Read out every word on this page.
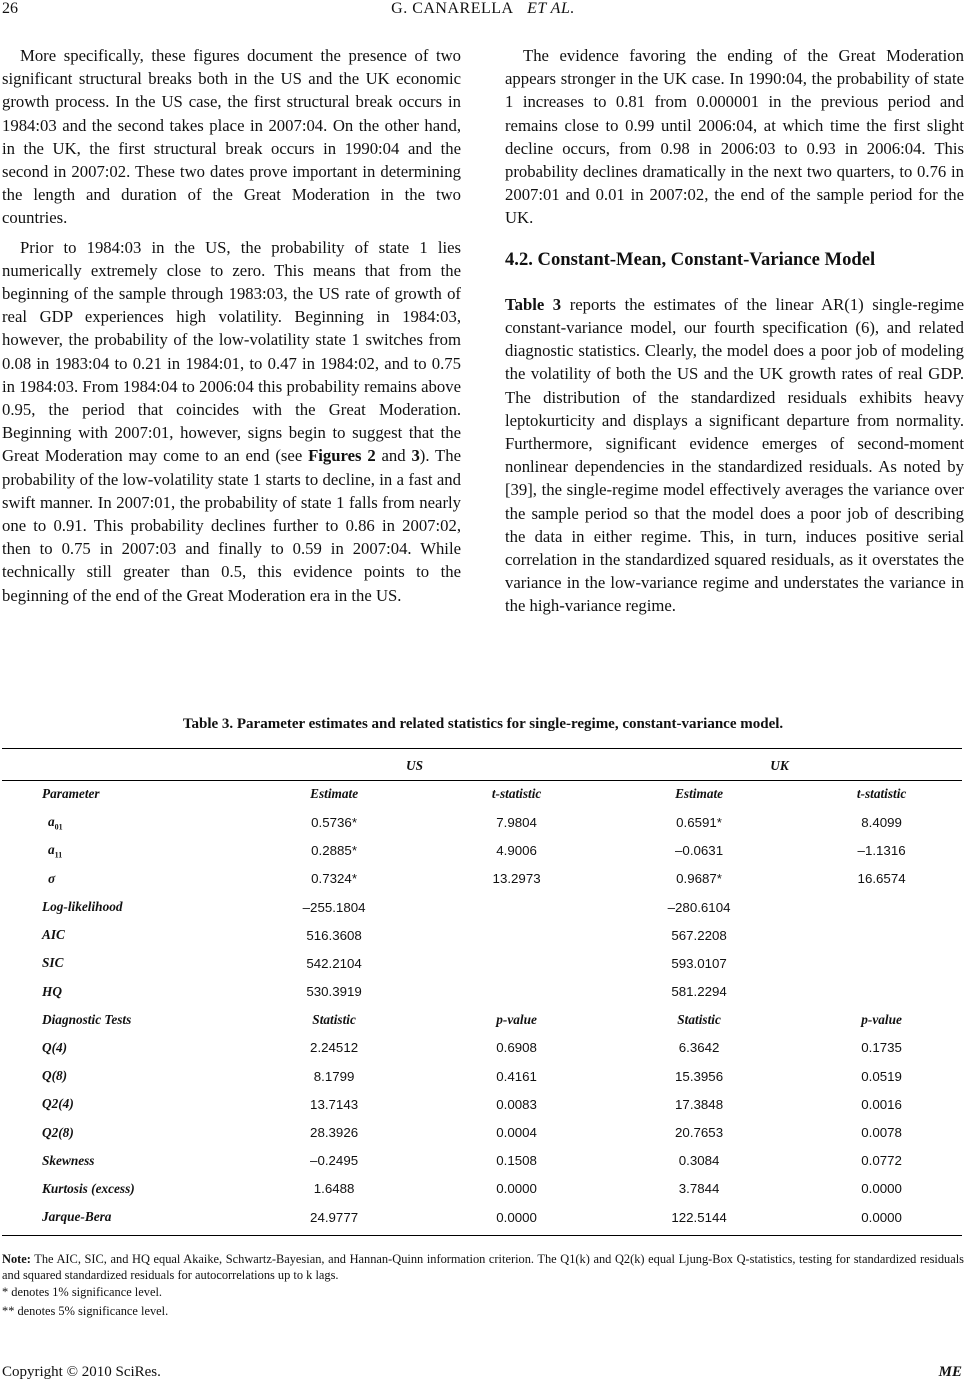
26	G. CANARELLA ET AL.

More specifically, these figures document the presence of two significant structural breaks both in the US and the UK economic growth process. In the US case, the first structural break occurs in 1984:03 and the second takes place in 2007:04. On the other hand, in the UK, the first structural break occurs in 1990:04 and the second in 2007:02. These two dates prove important in determining the length and duration of the Great Moderation in the two countries.

Prior to 1984:03 in the US, the probability of state 1 lies numerically extremely close to zero. This means that from the beginning of the sample through 1983:03, the US rate of growth of real GDP experiences high volatility. Beginning in 1984:03, however, the probability of the low-volatility state 1 switches from 0.08 in 1983:04 to 0.21 in 1984:01, to 0.47 in 1984:02, and to 0.75 in 1984:03. From 1984:04 to 2006:04 this probability remains above 0.95, the period that coincides with the Great Moderation. Beginning with 2007:01, however, signs begin to suggest that the Great Moderation may come to an end (see Figures 2 and 3). The probability of the low-volatility state 1 starts to decline, in a fast and swift manner. In 2007:01, the probability of state 1 falls from nearly one to 0.91. This probability declines further to 0.86 in 2007:02, then to 0.75 in 2007:03 and finally to 0.59 in 2007:04. While technically still greater than 0.5, this evidence points to the beginning of the end of the Great Moderation era in the US.

The evidence favoring the ending of the Great Moderation appears stronger in the UK case. In 1990:04, the probability of state 1 increases to 0.81 from 0.000001 in the previous period and remains close to 0.99 until 2006:04, at which time the first slight decline occurs, from 0.98 in 2006:03 to 0.93 in 2006:04. This probability declines dramatically in the next two quarters, to 0.76 in 2007:01 and 0.01 in 2007:02, the end of the sample period for the UK.

4.2. Constant-Mean, Constant-Variance Model

Table 3 reports the estimates of the linear AR(1) single-regime constant-variance model, our fourth specification (6), and related diagnostic statistics. Clearly, the model does a poor job of modeling the volatility of both the US and the UK growth rates of real GDP. The distribution of the standardized residuals exhibits heavy leptokurticity and displays a significant departure from normality. Furthermore, significant evidence emerges of second-moment nonlinear dependencies in the standardized residuals. As noted by [39], the single-regime model effectively averages the variance over the sample period so that the model does a poor job of describing the data in either regime. This, in turn, induces positive serial correlation in the standardized squared residuals, as it overstates the variance in the low-variance regime and understates the variance in the high-variance regime.

Table 3. Parameter estimates and related statistics for single-regime, constant-variance model.
	US		UK	
Parameter	Estimate	t-statistic	Estimate	t-statistic
$a_{01}$	0.5736*	7.9804	0.6591*	8.4099
$a_{11}$	0.2885*	4.9006	–0.0631	–1.1316
σ	0.7324*	13.2973	0.9687*	16.6574
Log-likelihood	–255.1804		–280.6104	
AIC	516.3608		567.2208	
SIC	542.2104		593.0107	
HQ	530.3919		581.2294	
Diagnostic Tests	Statistic	p-value	Statistic	p-value
Q(4)	2.24512	0.6908	6.3642	0.1735
Q(8)	8.1799	0.4161	15.3956	0.0519
Q2(4)	13.7143	0.0083	17.3848	0.0016
Q2(8)	28.3926	0.0004	20.7653	0.0078
Skewness	–0.2495	0.1508	0.3084	0.0772
Kurtosis (excess)	1.6488	0.0000	3.7844	0.0000
Jarque-Bera	24.9777	0.0000	122.5144	0.0000
Note: The AIC, SIC, and HQ equal Akaike, Schwartz-Bayesian, and Hannan-Quinn information criterion. The Q1(k) and Q2(k) equal Ljung-Box Q-statistics, testing for standardized residuals and squared standardized residuals for autocorrelations up to k lags.
* denotes 1% significance level.
** denotes 5% significance level.
Copyright © 2010 SciRes.	ME
